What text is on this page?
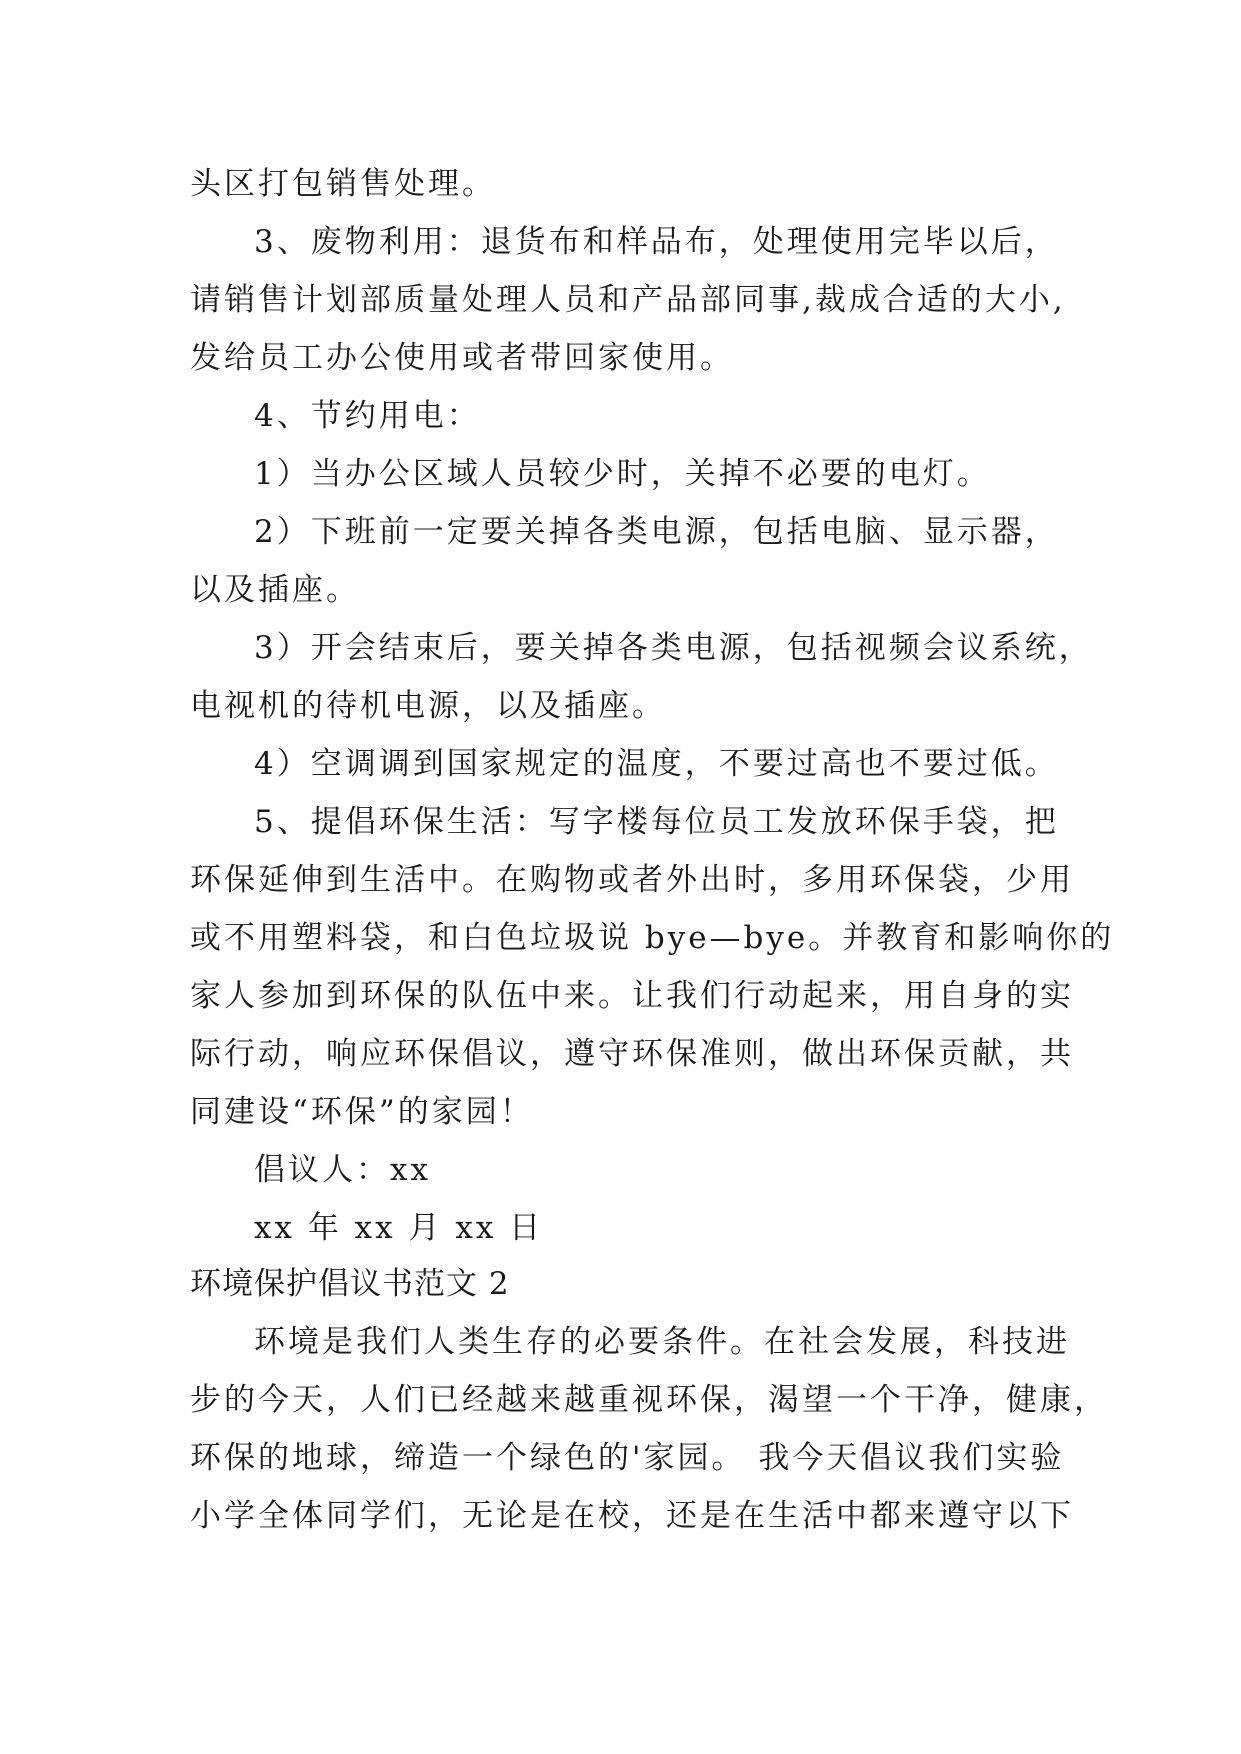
头区打包销售处理。
3、废物利用：退货布和样品布，处理使用完毕以后，
请销售计划部质量处理人员和产品部同事,裁成合适的大小,
发给员工办公使用或者带回家使用。
4、节约用电：
1）当办公区域人员较少时，关掉不必要的电灯。
2）下班前一定要关掉各类电源，包括电脑、显示器，
以及插座。
3）开会结束后，要关掉各类电源，包括视频会议系统，
电视机的待机电源，以及插座。
4）空调调到国家规定的温度，不要过高也不要过低。
5、提倡环保生活：写字楼每位员工发放环保手袋，把
环保延伸到生活中。在购物或者外出时，多用环保袋，少用
或不用塑料袋，和白色垃圾说 bye—bye。并教育和影响你的
家人参加到环保的队伍中来。让我们行动起来，用自身的实
际行动，响应环保倡议，遵守环保准则，做出环保贡献，共
同建设“环保”的家园！
倡议人：xx
xx 年 xx 月 xx 日
环境保护倡议书范文 2
环境是我们人类生存的必要条件。在社会发展，科技进
步的今天，人们已经越来越重视环保，渴望一个干净，健康，
环保的地球，缔造一个绿色的'家园。 我今天倡议我们实验
小学全体同学们，无论是在校，还是在生活中都来遵守以下
